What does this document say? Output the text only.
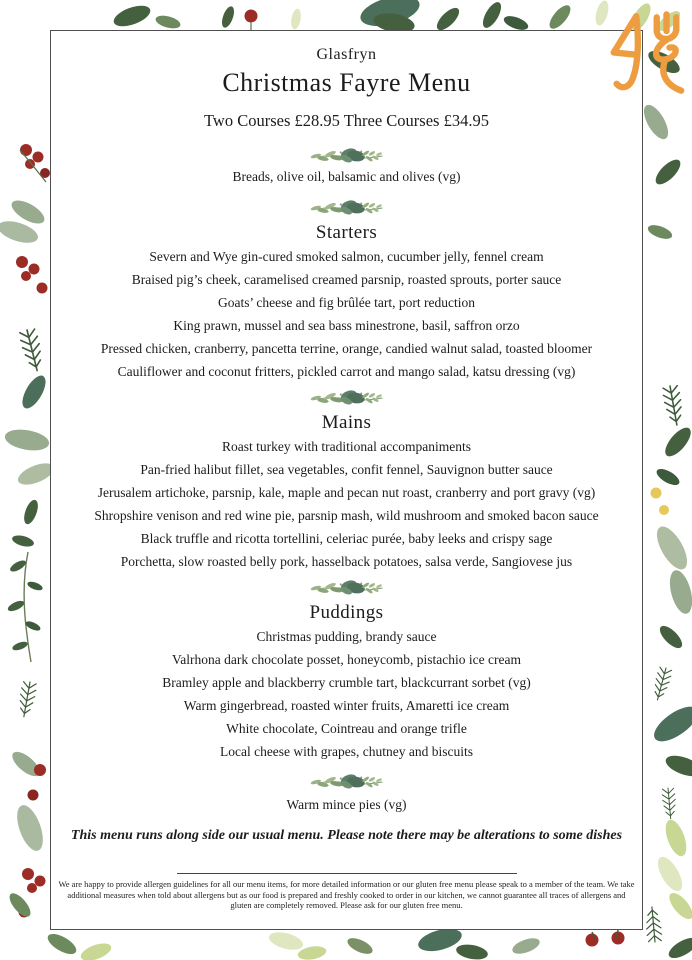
Glasfryn
Christmas Fayre Menu
Two Courses £28.95 Three Courses £34.95
Breads, olive oil, balsamic and olives (vg)
Starters
Severn and Wye gin-cured smoked salmon, cucumber jelly, fennel cream
Braised pig’s cheek, caramelised creamed parsnip, roasted sprouts, porter sauce
Goats’ cheese and fig brûlée tart, port reduction
King prawn, mussel and sea bass minestrone, basil, saffron orzo
Pressed chicken, cranberry, pancetta terrine, orange, candied walnut salad, toasted bloomer
Cauliflower and coconut fritters, pickled carrot and mango salad, katsu dressing (vg)
Mains
Roast turkey with traditional accompaniments
Pan-fried halibut fillet, sea vegetables, confit fennel, Sauvignon butter sauce
Jerusalem artichoke, parsnip, kale, maple and pecan nut roast, cranberry and port gravy (vg)
Shropshire venison and red wine pie, parsnip mash, wild mushroom and smoked bacon sauce
Black truffle and ricotta tortellini, celeriac purée, baby leeks and crispy sage
Porchetta, slow roasted belly pork, hasselback potatoes, salsa verde, Sangiovese jus
Puddings
Christmas pudding, brandy sauce
Valrhona dark chocolate posset, honeycomb, pistachio ice cream
Bramley apple and blackberry crumble tart, blackcurrant sorbet (vg)
Warm gingerbread, roasted winter fruits, Amaretti ice cream
White chocolate, Cointreau and orange trifle
Local cheese with grapes, chutney and biscuits
Warm mince pies (vg)
This menu runs along side our usual menu. Please note there may be alterations to some dishes
We are happy to provide allergen guidelines for all our menu items, for more detailed information or our gluten free menu please speak to a member of the team. We take additional measures when told about allergens but as our food is prepared and freshly cooked to order in our kitchen, we cannot guarantee all traces of allergens and gluten are completely removed. Please ask for our gluten free menu.
